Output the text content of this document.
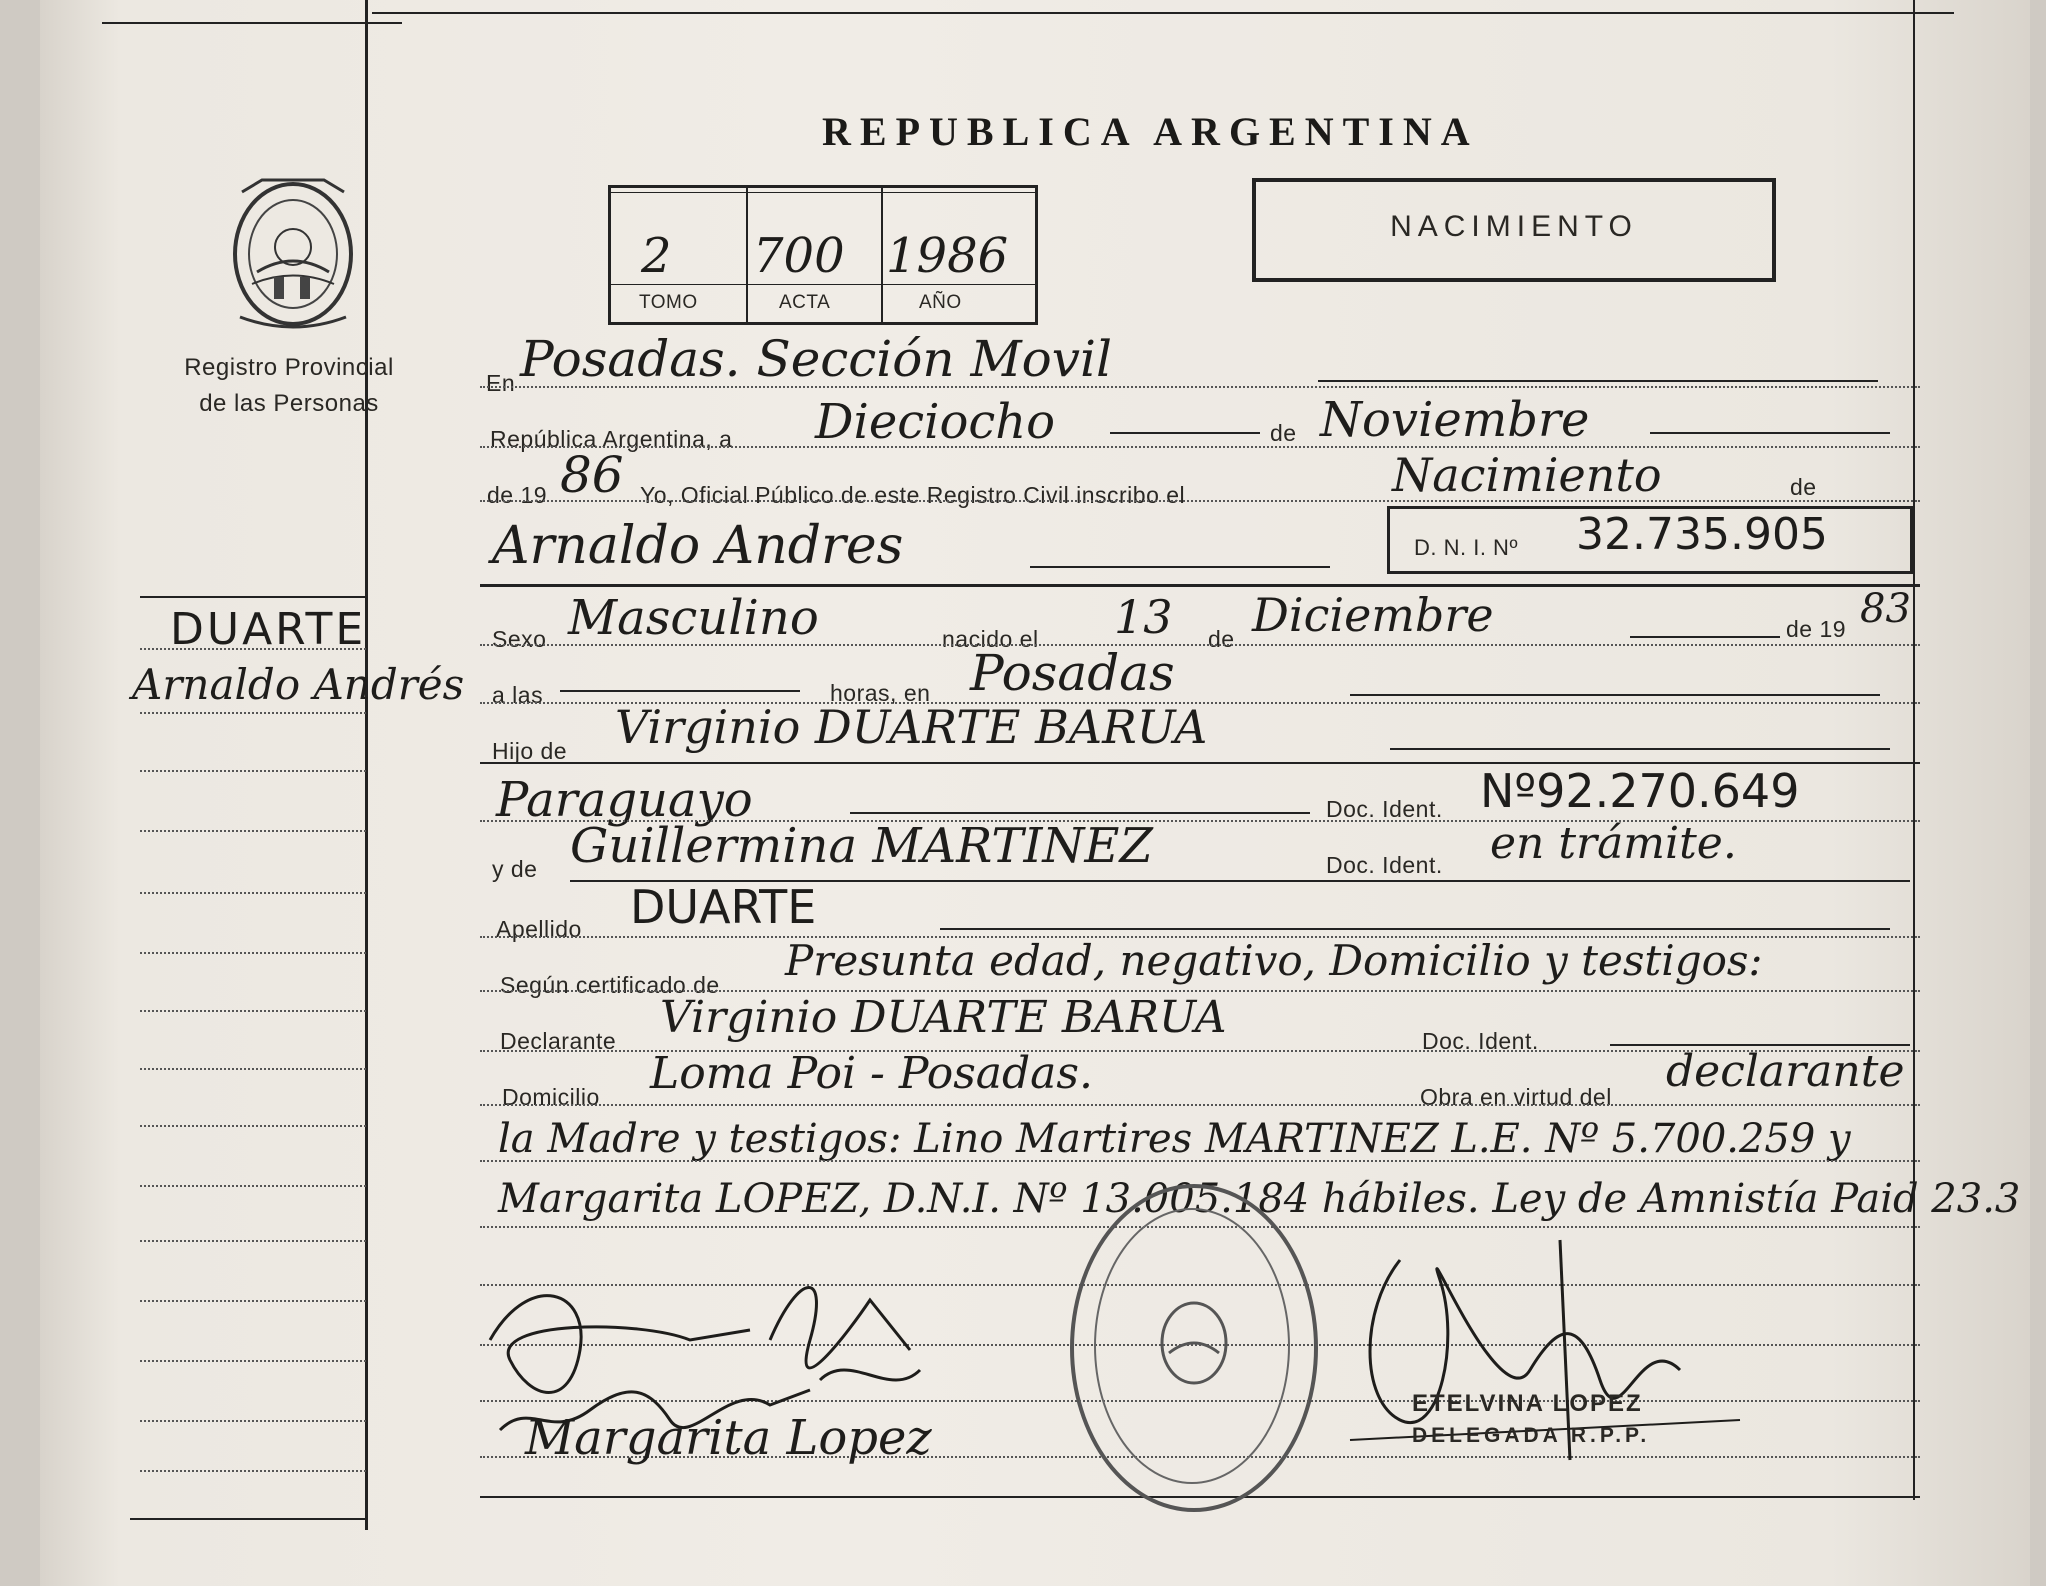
REPUBLICA ARGENTINA
2 700 1986
TOMO	ACTA	AÑO
NACIMIENTO
Registro Provincial
de las Personas
DUARTE
Arnaldo Andrés
En Posadas. Sección Movil
República Argentina, a Dieciocho	de Noviembre
de 19 86 Yo, Oficial Público de este Registro Civil inscribo el	Nacimiento	de
Arnaldo Andres	D. N. I. Nº 32.735.905
Sexo Masculino	nacido el 13 de Diciembre	de 19 83
a las	horas, en Posadas
Hijo de Virginio DUARTE BARUA
Paraguayo	Doc. Ident. Nº92.270.649
y de Guillermina MARTINEZ	Doc. Ident. en trámite.
Apellido DUARTE
Según certificado de Presunta edad, negativo, Domicilio y testigos:
Declarante Virginio DUARTE BARUA	Doc. Ident.
Domicilio Loma Poi - Posadas.	Obra en virtud del declarante
la Madre y testigos: Lino Martires MARTINEZ L.E. Nº 5.700.259 y
Margarita LOPEZ, D.N.I. Nº 13.005.184 hábiles. Ley de Amnistía Paid 23.3
Margarita Lopez
ETELVINA LOPEZ
DELEGADA R.P.P.
